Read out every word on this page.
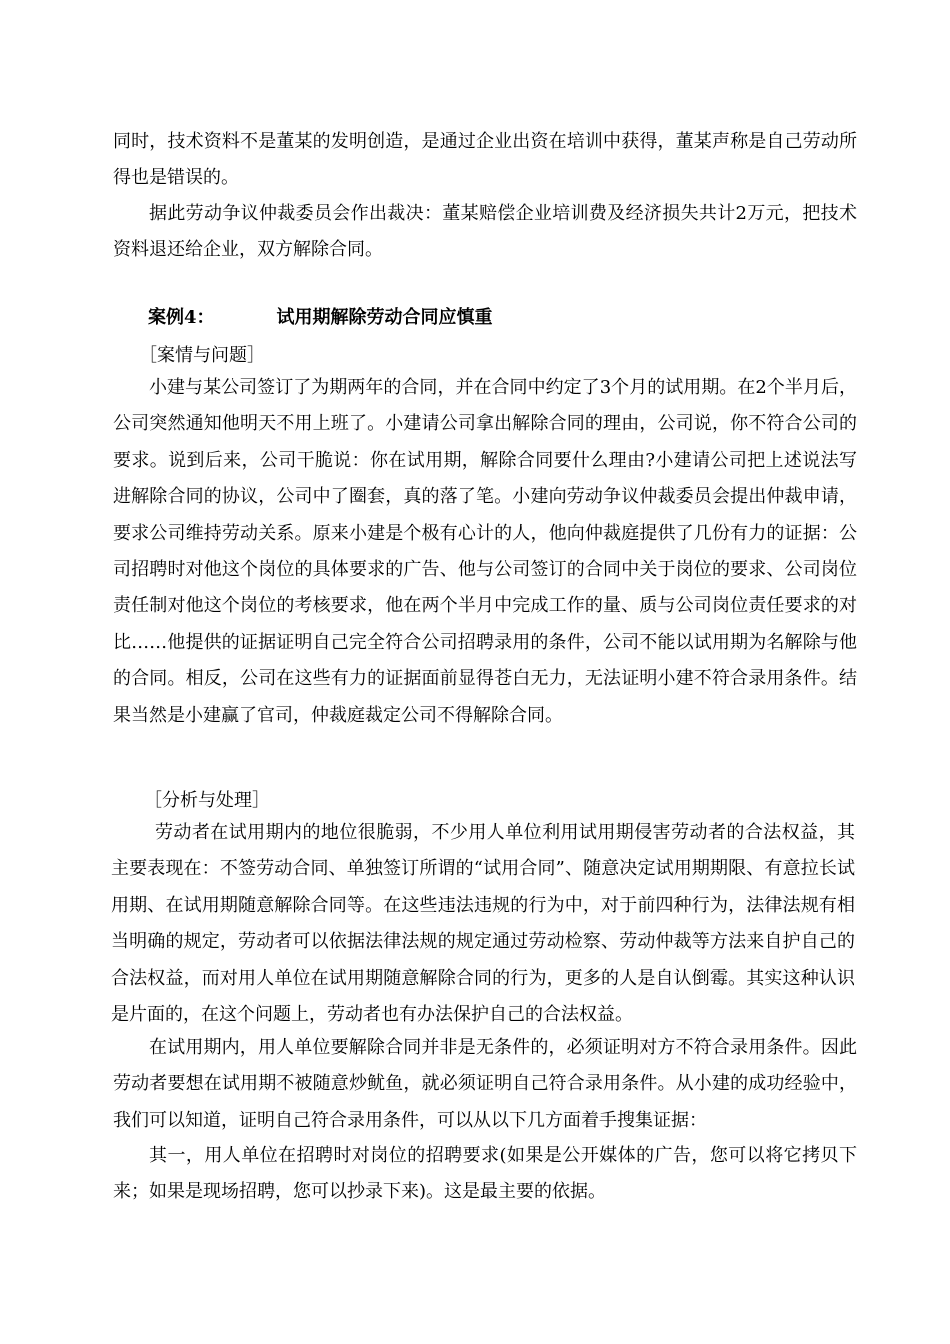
同时，技术资料不是董某的发明创造，是通过企业出资在培训中获得，董某声称是自己劳动所得也是错误的。

据此劳动争议仲裁委员会作出裁决：董某赔偿企业培训费及经济损失共计2万元，把技术资料退还给企业，双方解除合同。

案例4：	试用期解除劳动合同应慎重

［案情与问题］

小建与某公司签订了为期两年的合同，并在合同中约定了3个月的试用期。在2个半月后，公司突然通知他明天不用上班了。小建请公司拿出解除合同的理由，公司说，你不符合公司的要求。说到后来，公司干脆说：你在试用期，解除合同要什么理由?小建请公司把上述说法写进解除合同的协议，公司中了圈套，真的落了笔。小建向劳动争议仲裁委员会提出仲裁申请，要求公司维持劳动关系。原来小建是个极有心计的人，他向仲裁庭提供了几份有力的证据：公司招聘时对他这个岗位的具体要求的广告、他与公司签订的合同中关于岗位的要求、公司岗位责任制对他这个岗位的考核要求，他在两个半月中完成工作的量、质与公司岗位责任要求的对比……他提供的证据证明自己完全符合公司招聘录用的条件，公司不能以试用期为名解除与他的合同。相反，公司在这些有力的证据面前显得苍白无力，无法证明小建不符合录用条件。结果当然是小建赢了官司，仲裁庭裁定公司不得解除合同。

［分析与处理］

劳动者在试用期内的地位很脆弱，不少用人单位利用试用期侵害劳动者的合法权益，其主要表现在：不签劳动合同、单独签订所谓的“试用合同”、随意决定试用期期限、有意拉长试用期、在试用期随意解除合同等。在这些违法违规的行为中，对于前四种行为，法律法规有相当明确的规定，劳动者可以依据法律法规的规定通过劳动检察、劳动仲裁等方法来自护自己的合法权益，而对用人单位在试用期随意解除合同的行为，更多的人是自认倒霉。其实这种认识是片面的，在这个问题上，劳动者也有办法保护自己的合法权益。

在试用期内，用人单位要解除合同并非是无条件的，必须证明对方不符合录用条件。因此劳动者要想在试用期不被随意炒鱿鱼，就必须证明自己符合录用条件。从小建的成功经验中，我们可以知道，证明自己符合录用条件，可以从以下几方面着手搜集证据：

其一，用人单位在招聘时对岗位的招聘要求(如果是公开媒体的广告，您可以将它拷贝下来；如果是现场招聘，您可以抄录下来)。这是最主要的依据。
